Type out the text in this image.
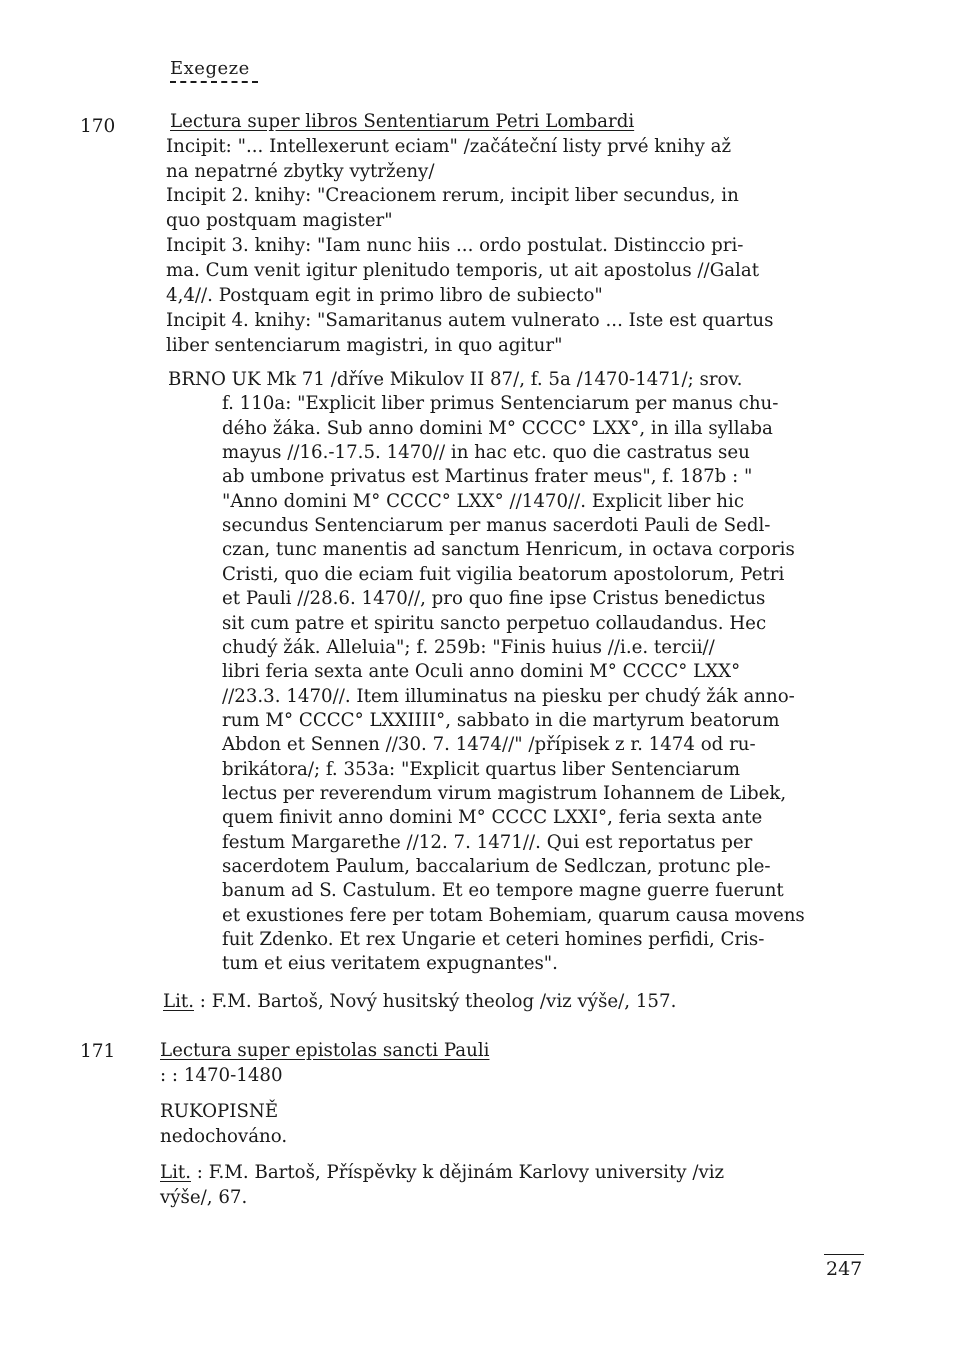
Exegeze
170	Lectura super libros Sententiarum Petri Lombardi
Incipit: "... Intellexerunt eciam" /začáteční listy prvé knihy až
na nepatrné zbytky vytrženy/
Incipit 2. knihy: "Creacionem rerum, incipit liber secundus, in
quo postquam magister"
Incipit 3. knihy: "Iam nunc hiis ... ordo postulat. Distinccio pri-
ma. Cum venit igitur plenitudo temporis, ut ait apostolus //Galat
4,4//. Postquam egit in primo libro de subiecto"
Incipit 4. knihy: "Samaritanus autem vulnerato ... Iste est quartus
liber sentenciarum magistri, in quo agitur"
BRNO UK Mk 71 /dříve Mikulov II 87/, f. 5a /1470-1471/; srov.
f. 110a: "Explicit liber primus Sentenciarum per manus chu-
dého žáka. Sub anno domini M° CCCC° LXX°, in illa syllaba
mayus //16.-17.5. 1470// in hac etc. quo die castratus seu
ab umbone privatus est Martinus frater meus", f. 187b : "
"Anno domini M° CCCC° LXX° //1470//. Explicit liber hic
secundus Sentenciarum per manus sacerdoti Pauli de Sedl-
czan, tunc manentis ad sanctum Henricum, in octava corporis
Cristi, quo die eciam fuit vigilia beatorum apostolorum, Petri
et Pauli //28.6. 1470//, pro quo fine ipse Cristus benedictus
sit cum patre et spiritu sancto perpetuo collaudandus. Hec
chudý žák. Alleluia"; f. 259b: "Finis huius //i.e. tercii//
libri feria sexta ante Oculi anno domini M° CCCC° LXX°
//23.3. 1470//. Item illuminatus na piesku per chudý žák anno-
rum M° CCCC° LXXIIII°, sabbato in die martyrum beatorum
Abdon et Sennen //30. 7. 1474//" /přípisek z r. 1474 od ru-
brikátora/; f. 353a: "Explicit quartus liber Sentenciarum
lectus per reverendum virum magistrum Iohannem de Libek,
quem finivit anno domini M° CCCC LXXI°, feria sexta ante
festum Margarethe //12. 7. 1471//. Qui est reportatus per
sacerdotem Paulum, baccalarium de Sedlczan, protunc ple-
banum ad S. Castulum. Et eo tempore magne guerre fuerunt
et exustiones fere per totam Bohemiam, quarum causa movens
fuit Zdenko. Et rex Ungarie et ceteri homines perfidi, Cris-
tum et eius veritatem expugnantes".
Lit. : F.M. Bartoš, Nový husitský theolog /viz výše/, 157.
171 Lectura super epistolas sancti Pauli
: : 1470-1480
RUKOPISNĚ
nedochováno.
Lit. : F.M. Bartoš, Příspěvky k dějinám Karlovy university /viz
výše/, 67.
247
